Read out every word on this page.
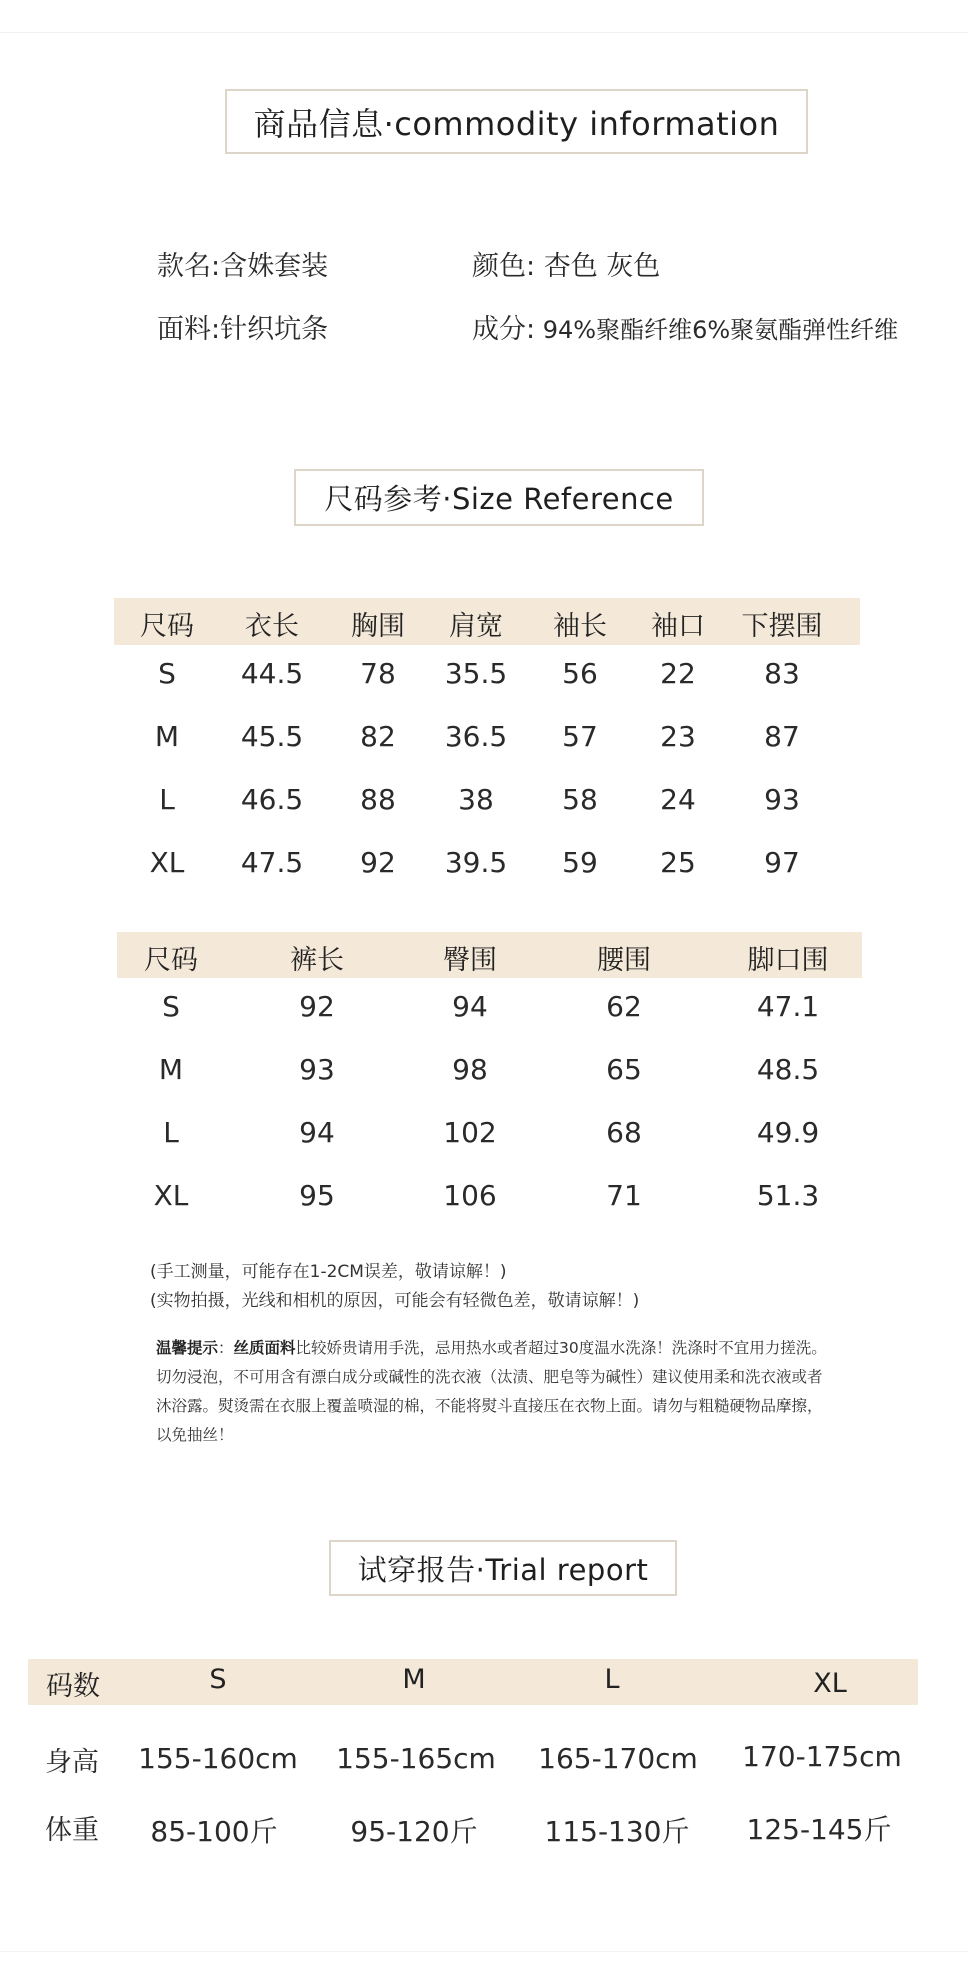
商品信息·commodity information
款名:含姝套装	颜色: 杏色 灰色
面料:针织坑条	成分: 94%聚酯纤维6%聚氨酯弹性纤维
尺码参考·Size Reference
尺码 衣长 胸围 肩宽 袖长 袖口 下摆围
S 44.5 78 35.5 56 22 83
M 45.5 82 36.5 57 23 87
L 46.5 88 38 58 24 93
XL 47.5 92 39.5 59 25 97
尺码	裤长	臀围	腰围	脚口围
S	92	94	62	47.1
M	93	98	65	48.5
L	94	102	68	49.9
XL	95	106	71	51.3
(手工测量，可能存在1-2CM误差，敬请谅解！)
(实物拍摄，光线和相机的原因，可能会有轻微色差，敬请谅解！)
温馨提示：丝质面料比较娇贵请用手洗，忌用热水或者超过30度温水洗涤！洗涤时不宜用力搓洗。切勿浸泡，不可用含有漂白成分或碱性的洗衣液（汰渍、肥皂等为碱性）建议使用柔和洗衣液或者沐浴露。熨烫需在衣服上覆盖喷湿的棉，不能将熨斗直接压在衣物上面。请勿与粗糙硬物品摩擦，以免抽丝！
试穿报告·Trial report
码数	S	M	L	XL
身高 155-160cm 155-165cm 165-170cm 170-175cm
体重 85-100斤	95-120斤 115-130斤 125-145斤
